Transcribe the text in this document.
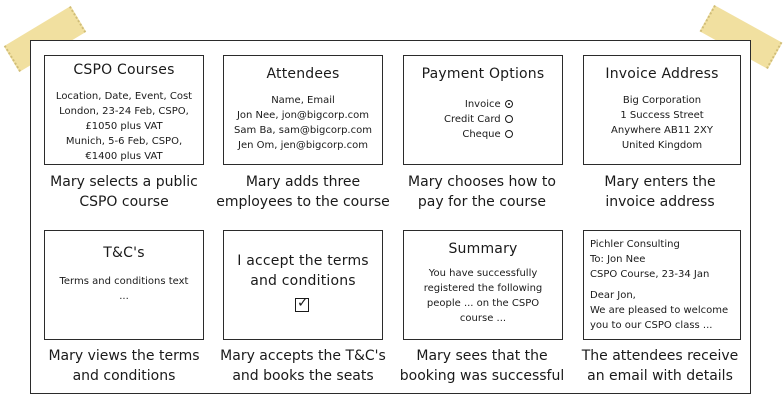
CSPO Courses
Location, Date, Event, Cost
London, 23-24 Feb, CSPO,
£1050 plus VAT
Munich, 5-6 Feb, CSPO,
€1400 plus VAT
Mary selects a public
CSPO course
Attendees
Name, Email
Jon Nee, jon@bigcorp.com
Sam Ba, sam@bigcorp.com
Jen Om, jen@bigcorp.com
Mary adds three
employees to the course
Payment Options
Invoice
Credit Card
Cheque
Mary chooses how to
pay for the course
Invoice Address
Big Corporation
1 Success Street
Anywhere AB11 2XY
United Kingdom
Mary enters the
invoice address
T&C's
Terms and conditions text
...
Mary views the terms
and conditions
I accept the terms
and conditions
✓
Mary accepts the T&C's
and books the seats
Summary
You have successfully
registered the following
people ... on the CSPO
course ...
Mary sees that the
booking was successful
Pichler Consulting
To: Jon Nee
CSPO Course, 23-34 Jan
Dear Jon,
We are pleased to welcome
you to our CSPO class ...
The attendees receive
an email with details
